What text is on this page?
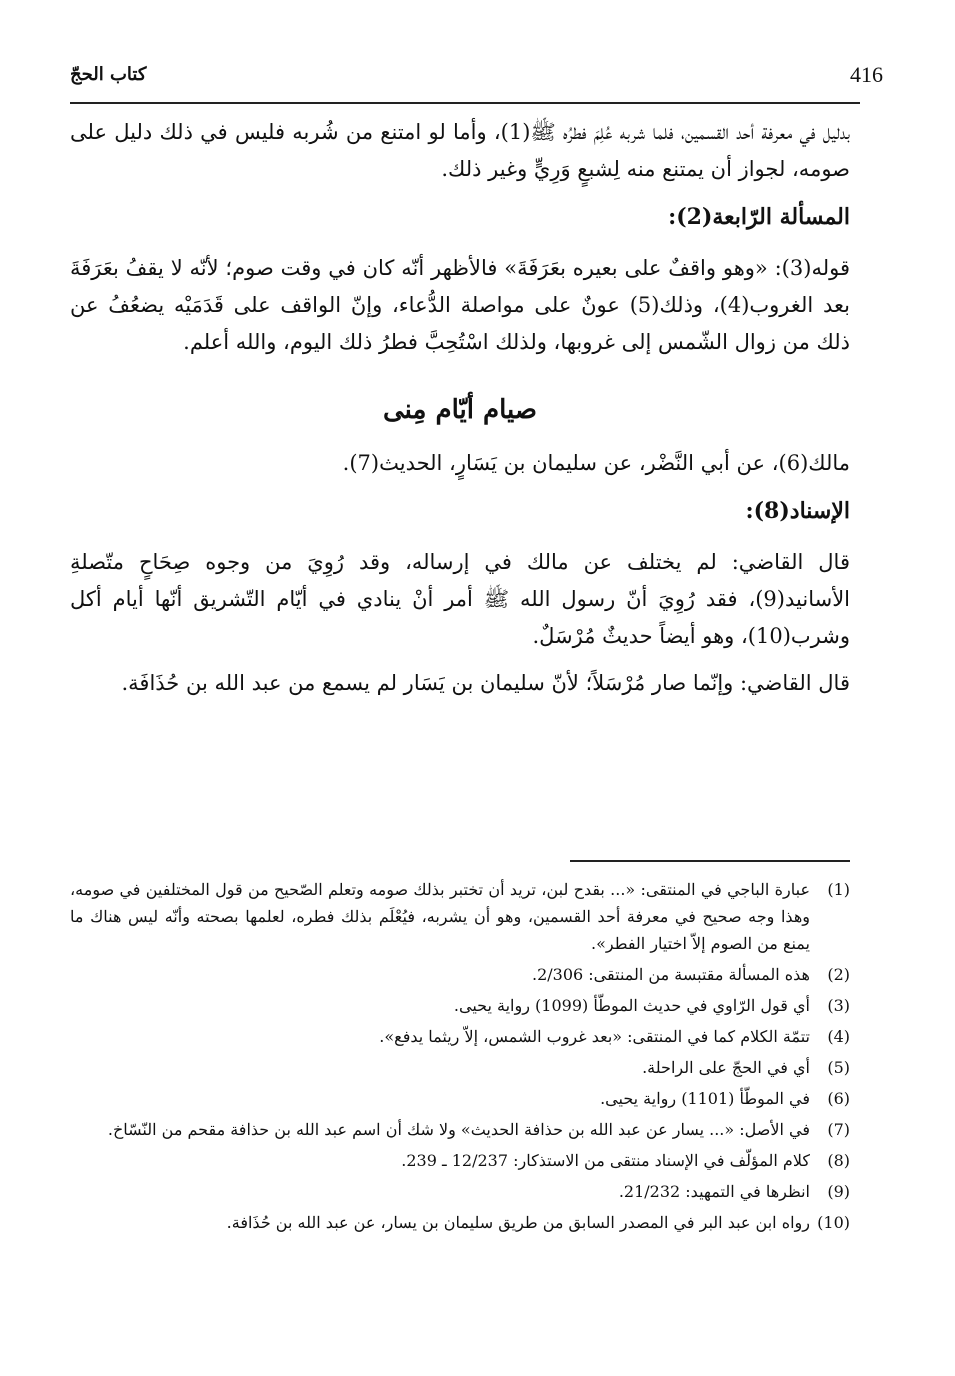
416
كتاب الحجّ

بدليل في معرفة أحد القسمين، فلما شربه عُلِمَ فطرُه ﷺ(1)، وأما لو امتنع من شُربه فليس في ذلك دليل على صومه، لجواز أن يمتنع منه لِشبعٍ وَرِيٍّ وغير ذلك.

المسألة الرّابعة(2):

قوله(3): «وهو واقفٌ على بعيره بعَرَفَةَ» فالأظهر أنّه كان في وقت صوم؛ لأنّه لا يقفُ بعَرَفَةَ بعد الغروب(4)، وذلك(5) عونٌ على مواصلة الدُّعاء، وإنّ الواقف على قَدَمَيْه يضعُفُ عن ذلك من زوال الشّمس إلى غروبها، ولذلك اسْتُحِبَّ فطرُ ذلك اليوم، والله أعلم.

صيام أيّام مِنى

مالك(6)، عن أبي النَّضْر، عن سليمان بن يَسَارٍ، الحديث(7).

الإسناد(8):

قال القاضي: لم يختلف عن مالك في إرساله، وقد رُوِيَ من وجوه صِحَاحٍ متّصلةِ الأسانيد(9)، فقد رُوِيَ أنّ رسول الله ﷺ أمر أنْ ينادي في أيّام التّشريق أنّها أيام أكل وشرب(10)، وهو أيضاً حديثٌ مُرْسَلٌ.

قال القاضي: وإنّما صار مُرْسَلاً؛ لأنّ سليمان بن يَسَار لم يسمع من عبد الله بن حُذَافَة.

(1)
عبارة الباجي في المنتقى: «... بقدح لبن، تريد أن تختبر بذلك صومه وتعلم الصّحيح من قول المختلفين في صومه، وهذا وجه صحيح في معرفة أحد القسمين، وهو أن يشربه، فيُعْلَم بذلك فطره، لعلمها بصحته وأنّه ليس هناك ما يمنع من الصوم إلاّ اختيار الفطر».
(2)
هذه المسألة مقتبسة من المنتقى: 2/306.
(3)
أي قول الرّاوي في حديث الموطّأ (1099) رواية يحيى.
(4)
تتمّة الكلام كما في المنتقى: «بعد غروب الشمس، إلاّ ريثما يدفع».
(5)
أي في الحجّ على الراحلة.
(6)
في الموطّأ (1101) رواية يحيى.
(7)
في الأصل: «... يسار عن عبد الله بن حذافة الحديث» ولا شك أن اسم عبد الله بن حذافة مقحم من النّسّاخ.
(8)
كلام المؤلّف في الإسناد منتقى من الاستذكار: 12/237 ـ 239.
(9)
انظرها في التمهيد: 21/232.
(10)
رواه ابن عبد البر في المصدر السابق من طريق سليمان بن يسار، عن عبد الله بن حُذَافة.
